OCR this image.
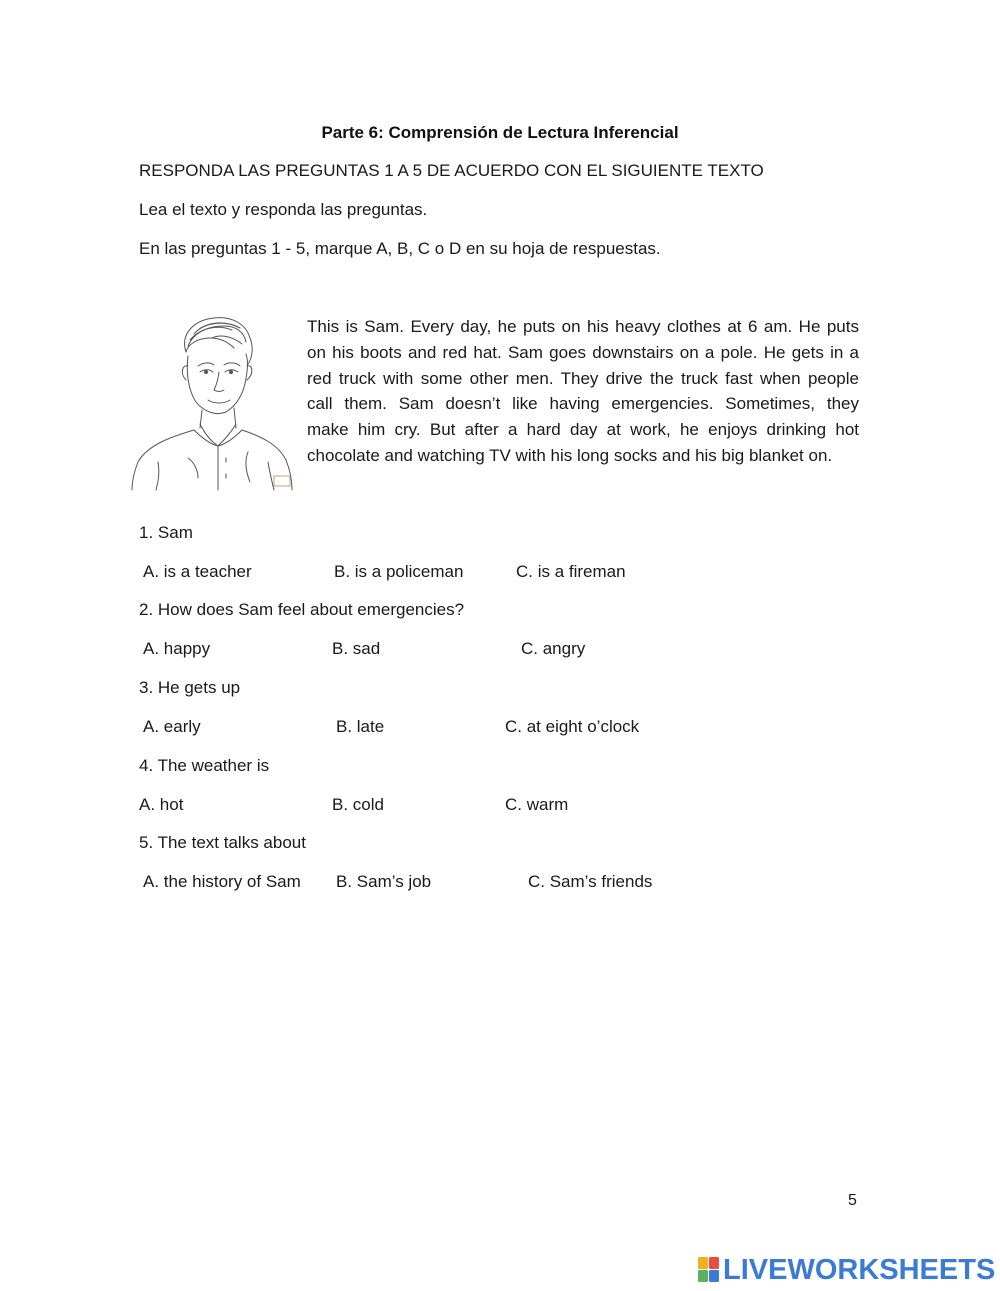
Parte 6: Comprensión de Lectura Inferencial
RESPONDA LAS PREGUNTAS 1 A 5 DE ACUERDO CON EL SIGUIENTE TEXTO
Lea el texto y responda las preguntas.
En las preguntas 1 - 5, marque A, B, C o D en su hoja de respuestas.
This is Sam. Every day, he puts on his heavy clothes at 6 am. He puts
on his boots and red hat. Sam goes downstairs on a pole. He gets in a
red truck with some other men. They drive the truck fast when people
call them. Sam doesn’t like having emergencies. Sometimes, they
make him cry. But after a hard day at work, he enjoys drinking hot
chocolate and watching TV with his long socks and his big blanket on.
1. Sam
A. is a teacher	B. is a policeman	C. is a fireman
2. How does Sam feel about emergencies?
A. happy	B. sad	C. angry
3. He gets up
A. early	B. late	C. at eight o’clock
4. The weather is
A. hot	B. cold	C. warm
5. The text talks about
A. the history of Sam B. Sam’s job	C. Sam’s friends
5
LIVEWORKSHEETS
